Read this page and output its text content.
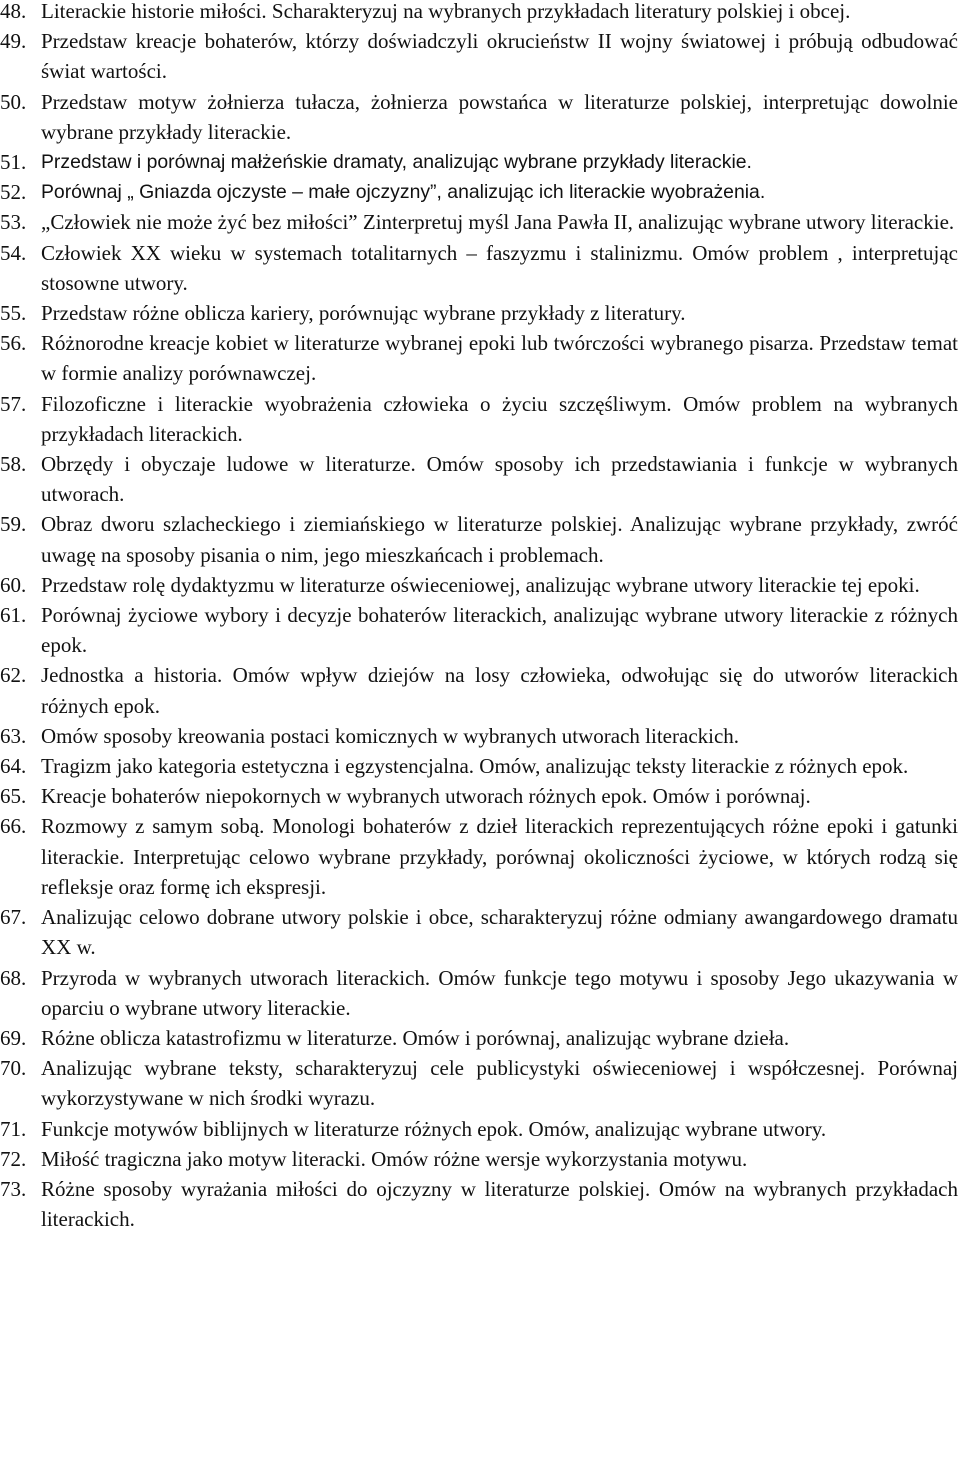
48. Literackie historie miłości. Scharakteryzuj na wybranych przykładach literatury polskiej i obcej.
49. Przedstaw kreacje bohaterów, którzy doświadczyli okrucieństw II wojny światowej i próbują odbudować świat wartości.
50. Przedstaw motyw żołnierza tułacza, żołnierza powstańca w literaturze polskiej, interpretując dowolnie wybrane przykłady literackie.
51. Przedstaw i porównaj małżeńskie dramaty, analizując wybrane przykłady literackie.
52. Porównaj „ Gniazda ojczyste – małe ojczyzny”, analizując ich literackie wyobrażenia.
53. „Człowiek nie może żyć bez miłości” Zinterpretuj myśl Jana Pawła II, analizując wybrane utwory literackie.
54. Człowiek XX wieku w systemach totalitarnych – faszyzmu i stalinizmu. Omów problem , interpretując stosowne utwory.
55. Przedstaw różne oblicza kariery, porównując wybrane przykłady z literatury.
56. Różnorodne kreacje kobiet w literaturze wybranej epoki lub twórczości wybranego pisarza. Przedstaw temat w formie analizy porównawczej.
57. Filozoficzne i literackie wyobrażenia człowieka o życiu szczęśliwym. Omów problem na wybranych przykładach literackich.
58. Obrzędy i obyczaje ludowe w literaturze. Omów sposoby ich przedstawiania i funkcje w wybranych utworach.
59. Obraz dworu szlacheckiego i ziemiańskiego w literaturze polskiej. Analizując wybrane przykłady, zwróć uwagę na sposoby pisania o nim, jego mieszkańcach i problemach.
60. Przedstaw rolę dydaktyzmu w literaturze oświeceniowej, analizując wybrane utwory literackie tej epoki.
61. Porównaj życiowe wybory i decyzje bohaterów literackich, analizując wybrane utwory literackie z różnych epok.
62. Jednostka a historia. Omów wpływ dziejów na losy człowieka, odwołując się do utworów literackich różnych epok.
63. Omów sposoby kreowania postaci komicznych w wybranych utworach literackich.
64. Tragizm jako kategoria estetyczna i egzystencjalna. Omów, analizując teksty literackie z różnych epok.
65. Kreacje bohaterów niepokornych w wybranych utworach różnych epok. Omów i porównaj.
66. Rozmowy z samym sobą. Monologi bohaterów z dzieł literackich reprezentujących różne epoki i gatunki literackie. Interpretując celowo wybrane przykłady, porównaj okoliczności życiowe, w których rodzą się refleksje oraz formę ich ekspresji.
67. Analizując celowo dobrane utwory polskie i obce, scharakteryzuj różne odmiany awangardowego dramatu XX w.
68. Przyroda w wybranych utworach literackich. Omów funkcje tego motywu i sposoby Jego ukazywania w oparciu o wybrane utwory literackie.
69. Różne oblicza katastrofizmu w literaturze. Omów i porównaj, analizując wybrane dzieła.
70. Analizując wybrane teksty, scharakteryzuj cele publicystyki oświeceniowej i współczesnej. Porównaj wykorzystywane w nich środki wyrazu.
71. Funkcje motywów biblijnych w literaturze różnych epok. Omów, analizując wybrane utwory.
72. Miłość tragiczna jako motyw literacki. Omów różne wersje wykorzystania motywu.
73. Różne sposoby wyrażania miłości do ojczyzny w literaturze polskiej. Omów na wybranych przykładach literackich.
